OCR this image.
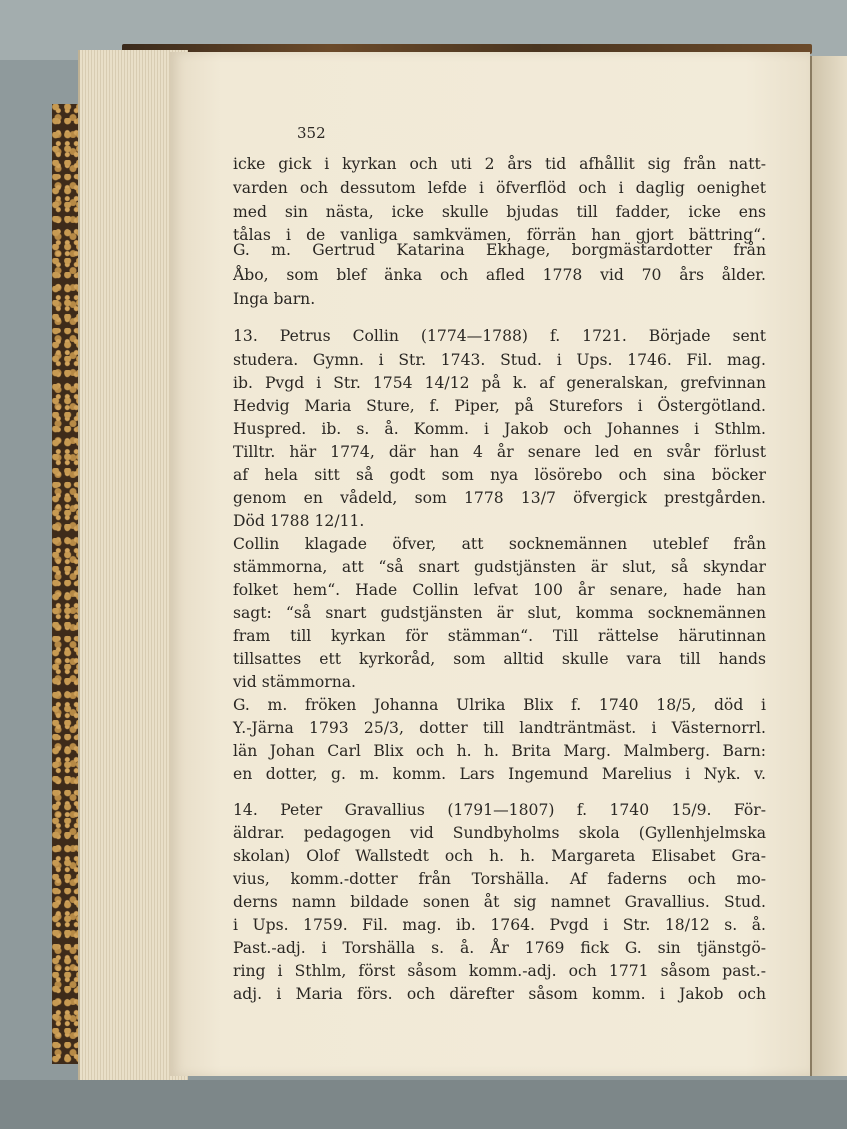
352
icke gick i kyrkan och uti 2 års tid afhållit sig från natt-
varden och dessutom lefde i öfverflöd och i daglig oenighet
med sin nästa, icke skulle bjudas till fadder, icke ens
tålas i de vanliga samkvämen, förrän han gjort bättring“.
G. m. Gertrud Katarina Ekhage, borgmästardotter från
Åbo, som blef änka och afled 1778 vid 70 års ålder.
Inga barn.
13. Petrus Collin (1774—1788) f. 1721. Började sent
studera. Gymn. i Str. 1743. Stud. i Ups. 1746. Fil. mag.
ib. Pvgd i Str. 1754 14/12 på k. af generalskan, grefvinnan
Hedvig Maria Sture, f. Piper, på Sturefors i Östergötland.
Huspred. ib. s. å. Komm. i Jakob och Johannes i Sthlm.
Tilltr. här 1774, där han 4 år senare led en svår förlust
af hela sitt så godt som nya lösörebo och sina böcker
genom en vådeld, som 1778 13/7 öfvergick prestgården.
Död 1788 12/11.
Collin klagade öfver, att socknemännen uteblef från
stämmorna, att “så snart gudstjänsten är slut, så skyndar
folket hem“. Hade Collin lefvat 100 år senare, hade han
sagt: “så snart gudstjänsten är slut, komma socknemännen
fram till kyrkan för stämman“. Till rättelse härutinnan
tillsattes ett kyrkoråd, som alltid skulle vara till hands
vid stämmorna.
G. m. fröken Johanna Ulrika Blix f. 1740 18/5, död i
Y.-Järna 1793 25/3, dotter till landträntmäst. i Västernorrl.
län Johan Carl Blix och h. h. Brita Marg. Malmberg. Barn:
en dotter, g. m. komm. Lars Ingemund Marelius i Nyk. v.
14. Peter Gravallius (1791—1807) f. 1740 15/9. För-
äldrar. pedagogen vid Sundbyholms skola (Gyllenhjelmska
skolan) Olof Wallstedt och h. h. Margareta Elisabet Gra-
vius, komm.-dotter från Torshälla. Af faderns och mo-
derns namn bildade sonen åt sig namnet Gravallius. Stud.
i Ups. 1759. Fil. mag. ib. 1764. Pvgd i Str. 18/12 s. å.
Past.-adj. i Torshälla s. å. År 1769 fick G. sin tjänstgö-
ring i Sthlm, först såsom komm.-adj. och 1771 såsom past.-
adj. i Maria förs. och därefter såsom komm. i Jakob och
